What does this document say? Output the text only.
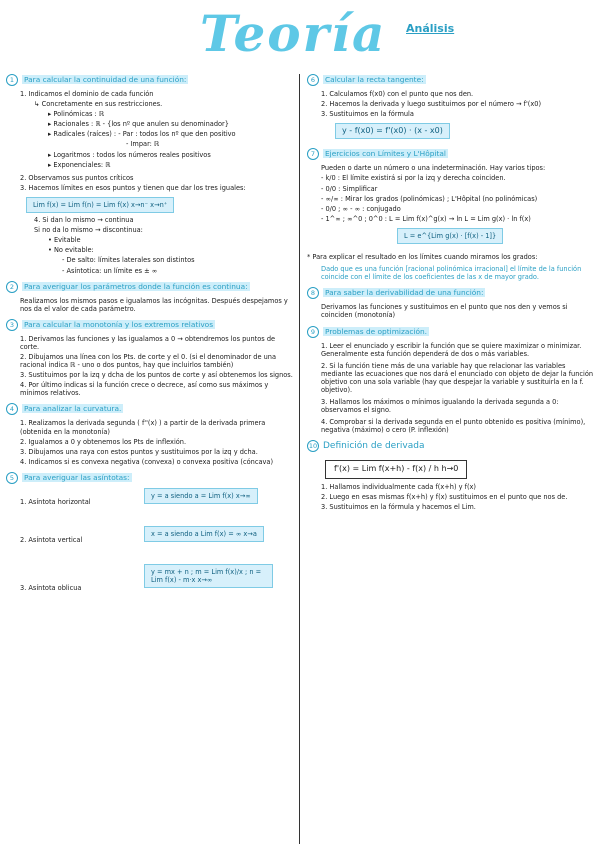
Teoría Análisis
1 Para calcular la continuidad de una función:
1. Indicamos el dominio de cada función
↳ Concretamente en sus restricciones.
▸ Polinómicas : ℝ
▸ Racionales : ℝ - {los nº que anulen su denominador}
▸ Radicales (raíces) : - Par : todos los nº que den positivo
- Impar: ℝ
▸ Logaritmos : todos los números reales positivos
▸ Exponenciales: ℝ
2. Observamos sus puntos críticos
3. Hacemos límites en esos puntos y tienen que dar los tres iguales:
Lim f(x) = Lim f(n) = Lim f(x) x→n⁻ x→n⁺
4. Si dan lo mismo → continua
Si no da lo mismo → discontinua:
• Evitable
• No evitable:
- De salto: límites laterales son distintos
- Asíntotica: un límite es ± ∞
2 Para averiguar los parámetros donde la función es continua:
Realizamos los mismos pasos e igualamos las incógnitas. Después despejamos y nos da el valor de cada parámetro.
3 Para calcular la monotonía y los extremos relativos
1. Derivamos las funciones y las igualamos a 0 → obtendremos los puntos de corte.
2. Dibujamos una línea con los Pts. de corte y el 0. (si el denominador de una racional indica ℝ - uno o dos puntos, hay que incluirlos también)
3. Sustituimos por la izq y dcha de los puntos de corte y así obtenemos los signos.
4. Por último indicas si la función crece o decrece, así como sus máximos y mínimos relativos.
4 Para analizar la curvatura.
1. Realizamos la derivada segunda ( f''(x) ) a partir de la derivada primera (obtenida en la monotonía)
2. Igualamos a 0 y obtenemos los Pts de inflexión.
3. Dibujamos una raya con estos puntos y sustituimos por la izq y dcha.
4. Indicamos si es convexa negativa (convexa) o convexa positiva (cóncava)
5 Para averiguar las asíntotas:
1. Asíntota horizontal
y = a siendo a = Lim f(x) x→∞
2. Asíntota vertical
x = a siendo a Lim f(x) = ∞ x→a
3. Asíntota oblicua
y = mx + n ; m = Lim f(x)/x ; n = Lim f(x) - m·x x→∞
6 Calcular la recta tangente:
1. Calculamos f(x0) con el punto que nos den.
2. Hacemos la derivada y luego sustituimos por el número → f'(x0)
3. Sustituimos en la fórmula
y - f(x0) = f'(x0) · (x - x0)
7 Ejercicios con Límites y L'Hôpital
Pueden o darte un número o una indeterminación. Hay varios tipos:
- k/0 : El límite existirá si por la izq y derecha coinciden.
- 0/0 : Simplificar
- ∞/∞ : Mirar los grados (polinómicas) ; L'Hôpital (no polinómicas)
- 0/0 ; ∞ - ∞ : conjugado
- 1^∞ ; ∞^0 ; 0^0 : L = Lim f(x)^g(x) → ln L = Lim g(x) · ln f(x)
L = e^{Lim g(x) · [f(x) - 1]}
* Para explicar el resultado en los límites cuando miramos los grados:
Dado que es una función [racional polinómica irracional] el límite de la función coincide con el límite de los coeficientes de las x de mayor grado.
8 Para saber la derivabilidad de una función:
Derivamos las funciones y sustituimos en el punto que nos den y vemos si coinciden (monotonía)
9 Problemas de optimización.
1. Leer el enunciado y escribir la función que se quiere maximizar o minimizar. Generalmente esta función dependerá de dos o más variables.
2. Si la función tiene más de una variable hay que relacionar las variables mediante las ecuaciones que nos dará el enunciado con objeto de dejar la función objetivo con una sola variable (hay que despejar la variable y sustituirla en la f. objetivo).
3. Hallamos los máximos o mínimos igualando la derivada segunda a 0: observamos el signo.
4. Comprobar si la derivada segunda en el punto obtenido es positiva (mínimo), negativa (máximo) o cero (P. inflexión)
10 Definición de derivada
f'(x) = Lim f(x+h) - f(x) / h h→0
1. Hallamos individualmente cada f(x+h) y f(x)
2. Luego en esas mismas f(x+h) y f(x) sustituimos en el punto que nos de.
3. Sustituimos en la fórmula y hacemos el Lim.
